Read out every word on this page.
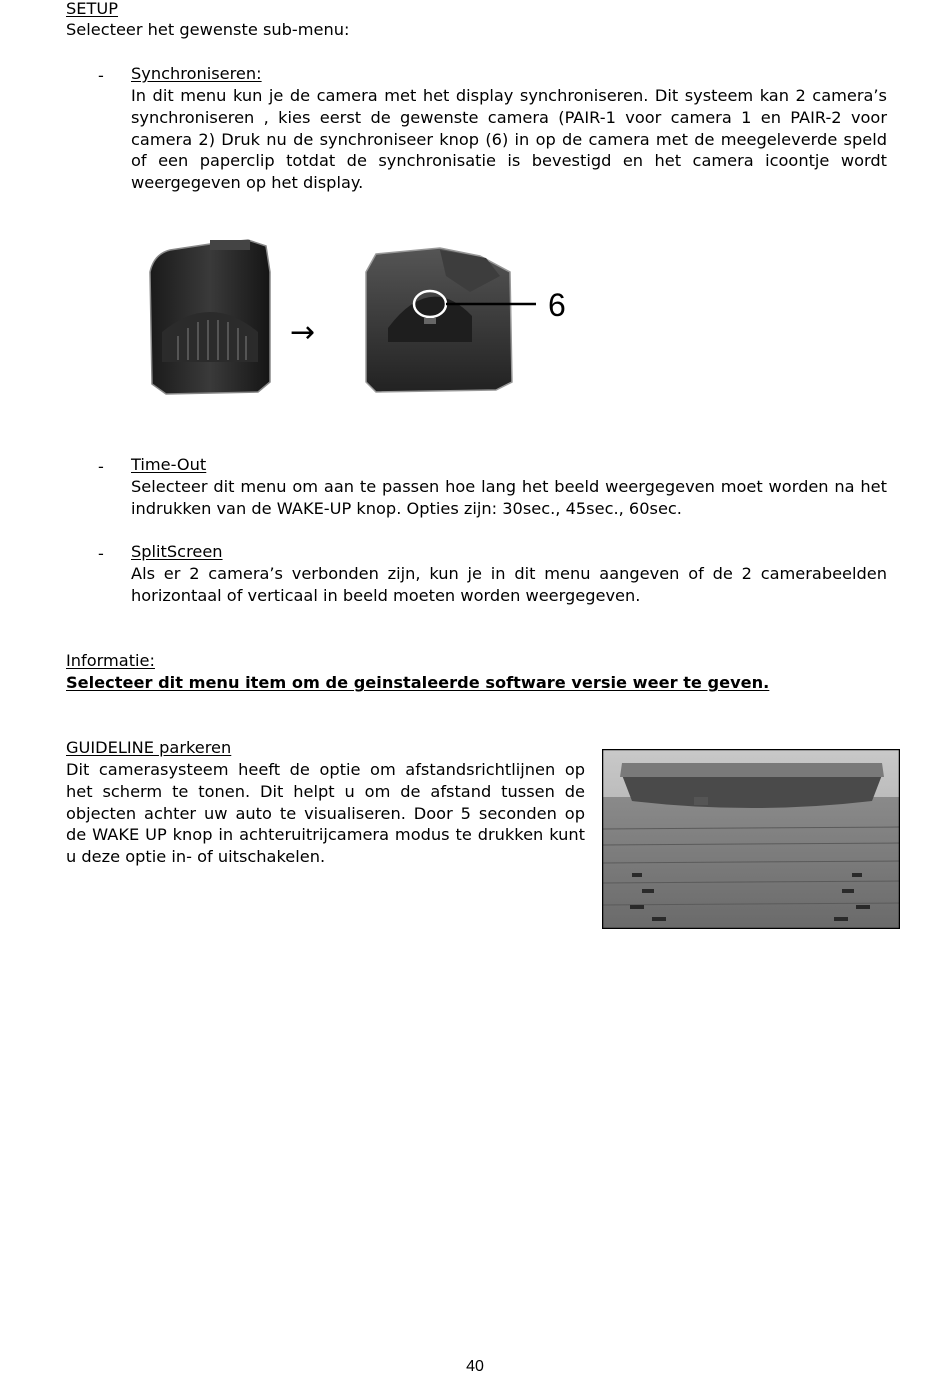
SETUP
Selecteer het gewenste sub-menu:
- Synchroniseren:
In dit menu kun je de camera met het display synchroniseren. Dit systeem kan 2 camera’s synchroniseren , kies eerst de gewenste camera (PAIR-1 voor camera 1 en PAIR-2 voor camera 2) Druk nu de synchroniseer knop (6) in op de camera met de meegeleverde speld of een paperclip totdat de synchronisatie is bevestigd en het camera icoontje wordt weergegeven op het display.
→
6
- Time-Out
Selecteer dit menu om aan te passen hoe lang het beeld weergegeven moet worden na het indrukken van de WAKE-UP knop. Opties zijn: 30sec., 45sec., 60sec.
- SplitScreen
Als er 2 camera’s verbonden zijn, kun je in dit menu aangeven of de 2 camerabeelden horizontaal of verticaal in beeld moeten worden weergegeven.
Informatie:
Selecteer dit menu item om de geinstaleerde software versie weer te geven.
GUIDELINE parkeren
Dit camerasysteem heeft de optie om afstandsrichtlijnen op het scherm te tonen. Dit helpt u om de afstand tussen de objecten achter uw auto te visualiseren. Door 5 seconden op de WAKE UP knop in achteruitrijcamera modus te drukken kunt u deze optie in- of uitschakelen.
40
